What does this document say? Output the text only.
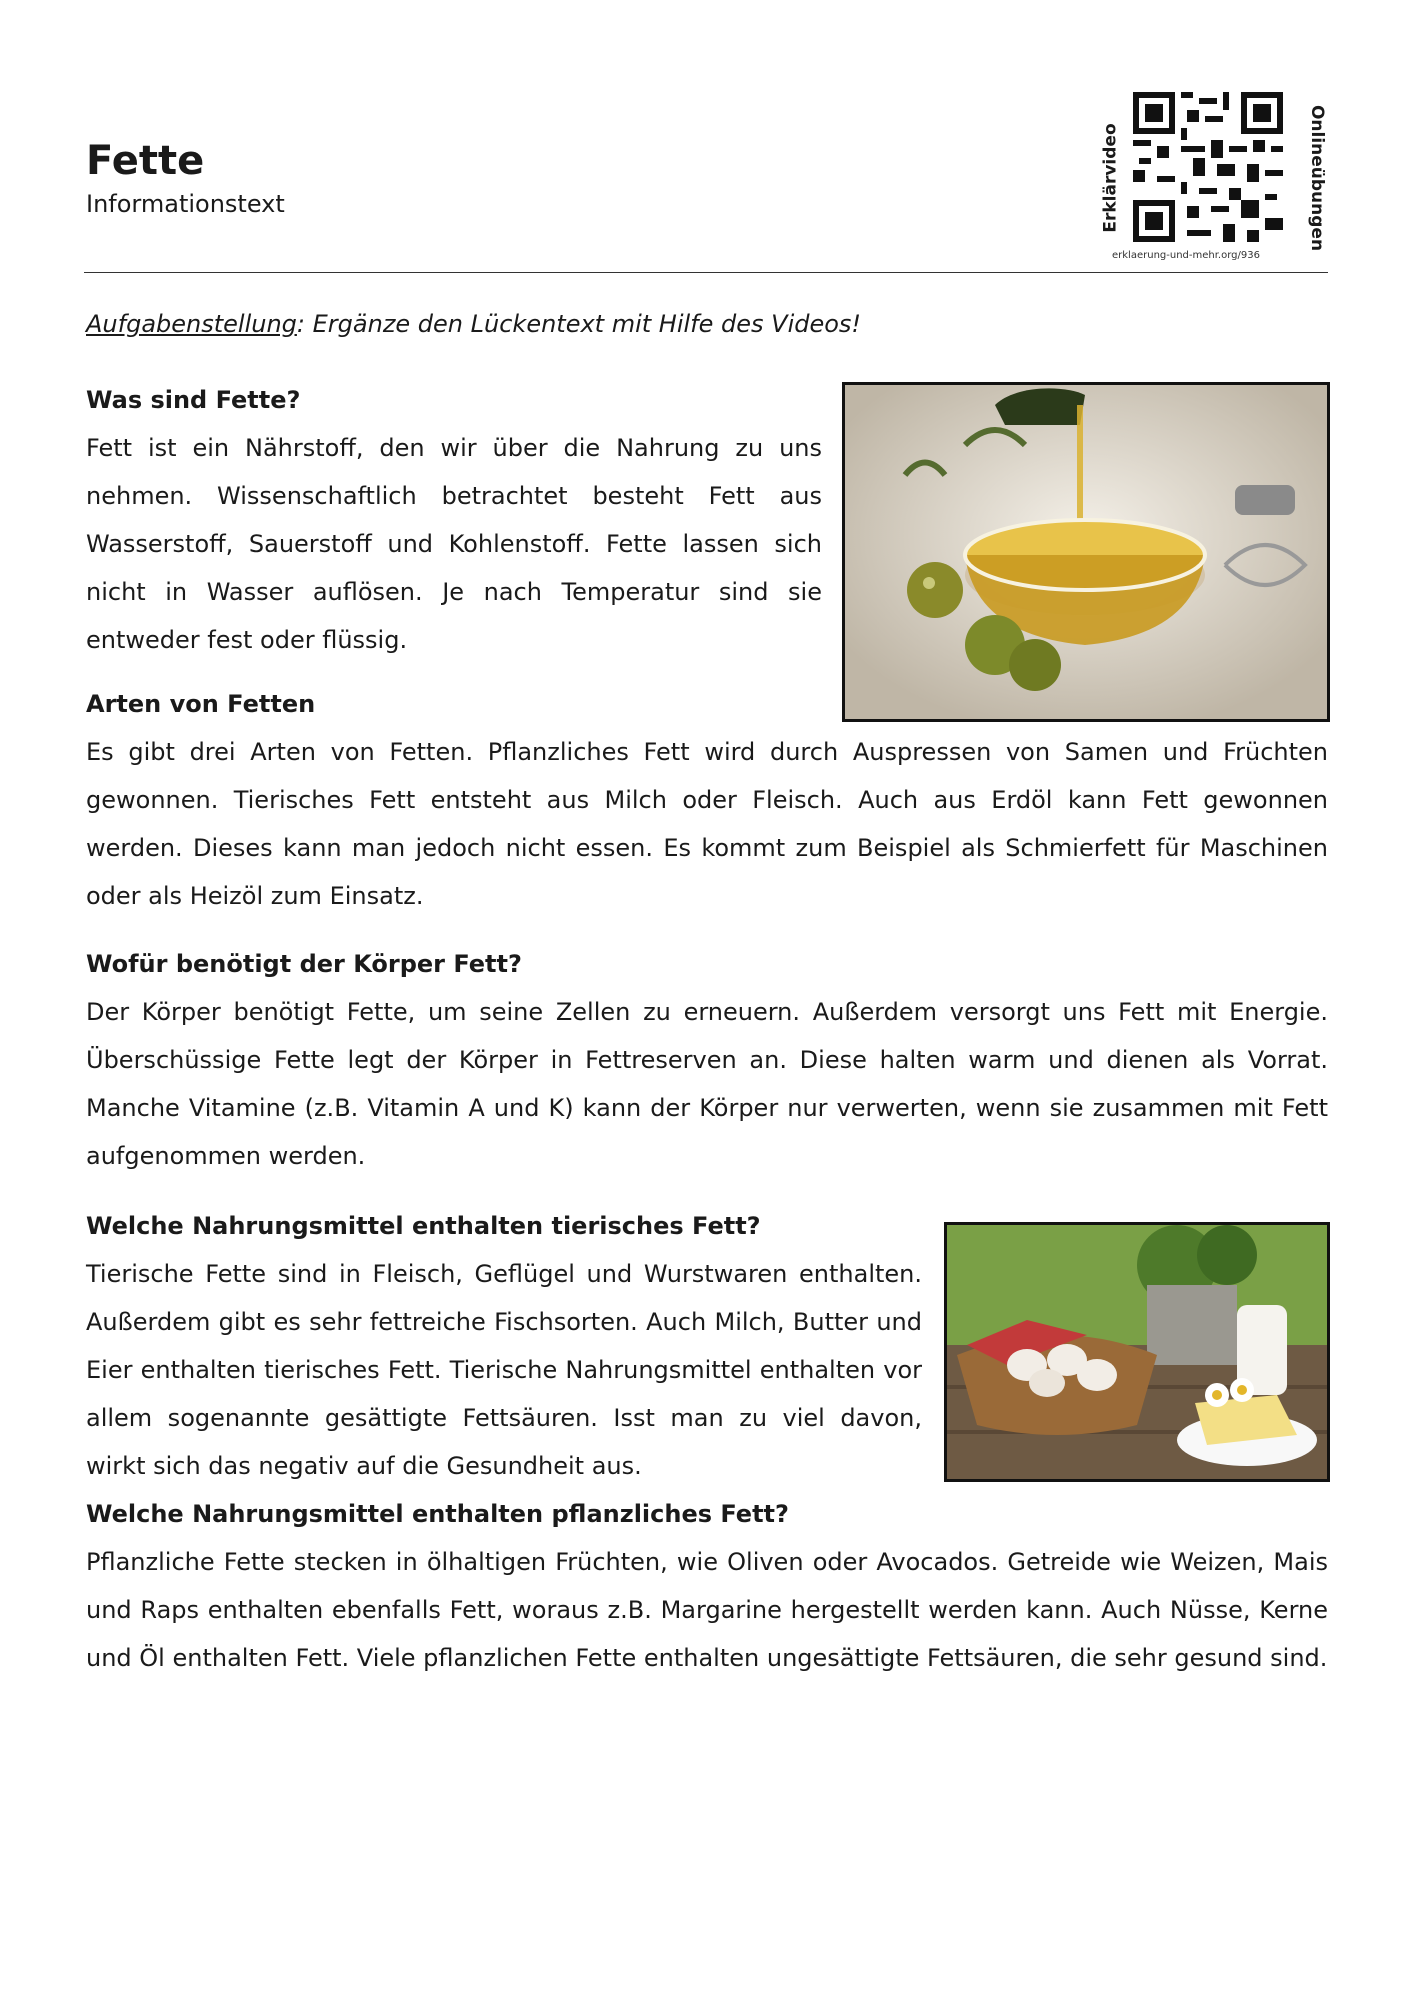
Fette
Informationstext	Erklärvideo	Onlineübungen
erklaerung-und-mehr.org/936
Aufgabenstellung: Ergänze den Lückentext mit Hilfe des Videos!
Was sind Fette?

Fett ist ein Nährstoff, den wir über die Nahrung zu uns nehmen. Wissenschaftlich betrachtet besteht Fett aus Wasserstoff, Sauerstoff und Kohlenstoff. Fette lassen sich nicht in Wasser auflösen. Je nach Temperatur sind sie entweder fest oder flüssig.

Arten von Fetten

Es gibt drei Arten von Fetten. Pflanzliches Fett wird durch Auspressen von Samen und Früchten gewonnen. Tierisches Fett entsteht aus Milch oder Fleisch. Auch aus Erdöl kann Fett gewonnen werden. Dieses kann man jedoch nicht essen. Es kommt zum Beispiel als Schmierfett für Maschinen oder als Heizöl zum Einsatz.

Wofür benötigt der Körper Fett?

Der Körper benötigt Fette, um seine Zellen zu erneuern. Außerdem versorgt uns Fett mit Energie. Überschüssige Fette legt der Körper in Fettreserven an. Diese halten warm und dienen als Vorrat. Manche Vitamine (z.B. Vitamin A und K) kann der Körper nur verwerten, wenn sie zusammen mit Fett aufgenommen werden.

Welche Nahrungsmittel enthalten tierisches Fett?

Tierische Fette sind in Fleisch, Geflügel und Wurstwaren enthalten. Außerdem gibt es sehr fettreiche Fischsorten. Auch Milch, Butter und Eier enthalten tierisches Fett. Tierische Nahrungsmittel enthalten vor allem sogenannte gesättigte Fettsäuren. Isst man zu viel davon, wirkt sich das negativ auf die Gesundheit aus.

Welche Nahrungsmittel enthalten pflanzliches Fett?

Pflanzliche Fette stecken in ölhaltigen Früchten, wie Oliven oder Avocados. Getreide wie Weizen, Mais und Raps enthalten ebenfalls Fett, woraus z.B. Margarine hergestellt werden kann. Auch Nüsse, Kerne und Öl enthalten Fett. Viele pflanzlichen Fette enthalten ungesättigte Fettsäuren, die sehr gesund sind.
